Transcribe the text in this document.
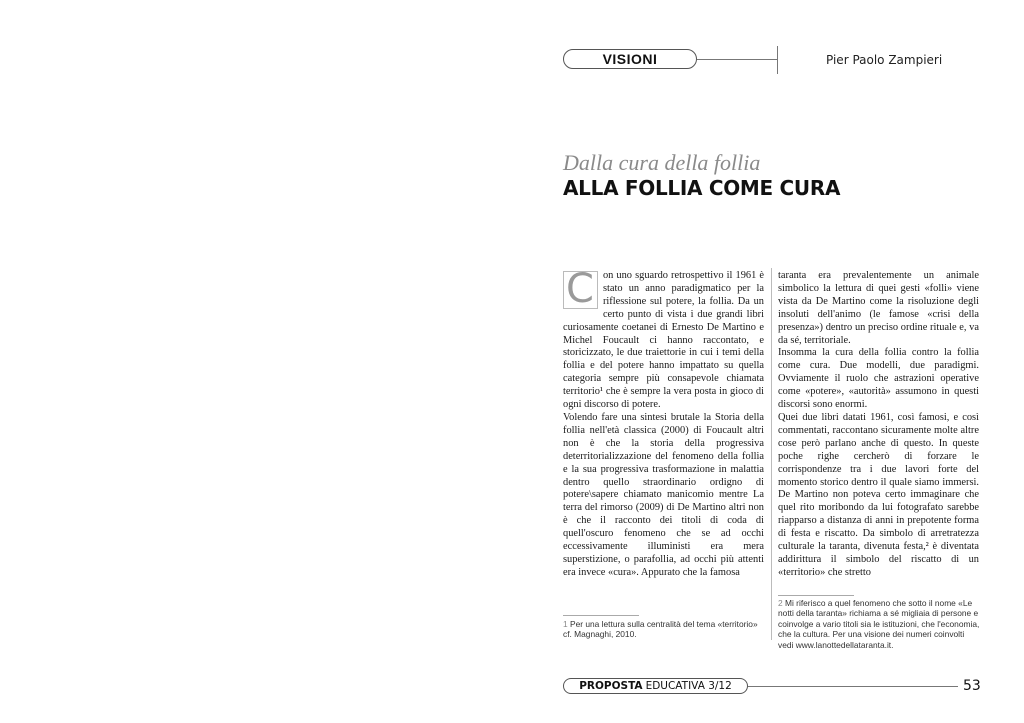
VISIONI	Pier Paolo Zampieri
Dalla cura della follia
ALLA FOLLIA COME CURA
C on uno sguardo retrospettivo il 1961 è stato un anno paradigmatico per la riflessione sul potere, la follia. Da un certo punto di vista i due grandi libri curiosamente coetanei di Ernesto De Martino e Michel Foucault ci hanno raccontato, e storicizzato, le due traiettorie in cui i temi della follia e del potere hanno impattato su quella categoria sempre più consapevole chiamata territorio¹ che è sempre la vera posta in gioco di ogni discorso di potere.

Volendo fare una sintesi brutale la Storia della follia nell'età classica (2000) di Foucault altri non è che la storia della progressiva deterritorializzazione del fenomeno della follia e la sua progressiva trasformazione in malattia dentro quello straordinario ordigno di potere\sapere chiamato manicomio mentre La terra del rimorso (2009) di De Martino altri non è che il racconto dei titoli di coda di quell'oscuro fenomeno che se ad occhi eccessivamente illuministi era mera superstizione, o parafollia, ad occhi più attenti era invece «cura». Appurato che la famosa

taranta era prevalentemente un animale simbolico la lettura di quei gesti «folli» viene vista da De Martino come la risoluzione degli insoluti dell'animo (le famose «crisi della presenza») dentro un preciso ordine rituale e, va da sé, territoriale.

Insomma la cura della follia contro la follia come cura. Due modelli, due paradigmi. Ovviamente il ruolo che astrazioni operative come «potere», «autorità» assumono in questi discorsi sono enormi.

Quei due libri datati 1961, così famosi, e così commentati, raccontano sicuramente molte altre cose però parlano anche di questo. In queste poche righe cercherò di forzare le corrispondenze tra i due lavori forte del momento storico dentro il quale siamo immersi. De Martino non poteva certo immaginare che quel rito moribondo da lui fotografato sarebbe riapparso a distanza di anni in prepotente forma di festa e riscatto. Da simbolo di arretratezza culturale la taranta, divenuta festa,² è diventata addirittura il simbolo del riscatto di un «territorio» che stretto

1 Per una lettura sulla centralità del tema «territorio» cf. Magnaghi, 2010.
2 Mi riferisco a quel fenomeno che sotto il nome «Le notti della taranta» richiama a sé migliaia di persone e coinvolge a vario titoli sia le istituzioni, che l'economia, che la cultura. Per una visione dei numeri coinvolti vedi www.lanottedellataranta.it.
PROPOSTA EDUCATIVA 3/12	53
